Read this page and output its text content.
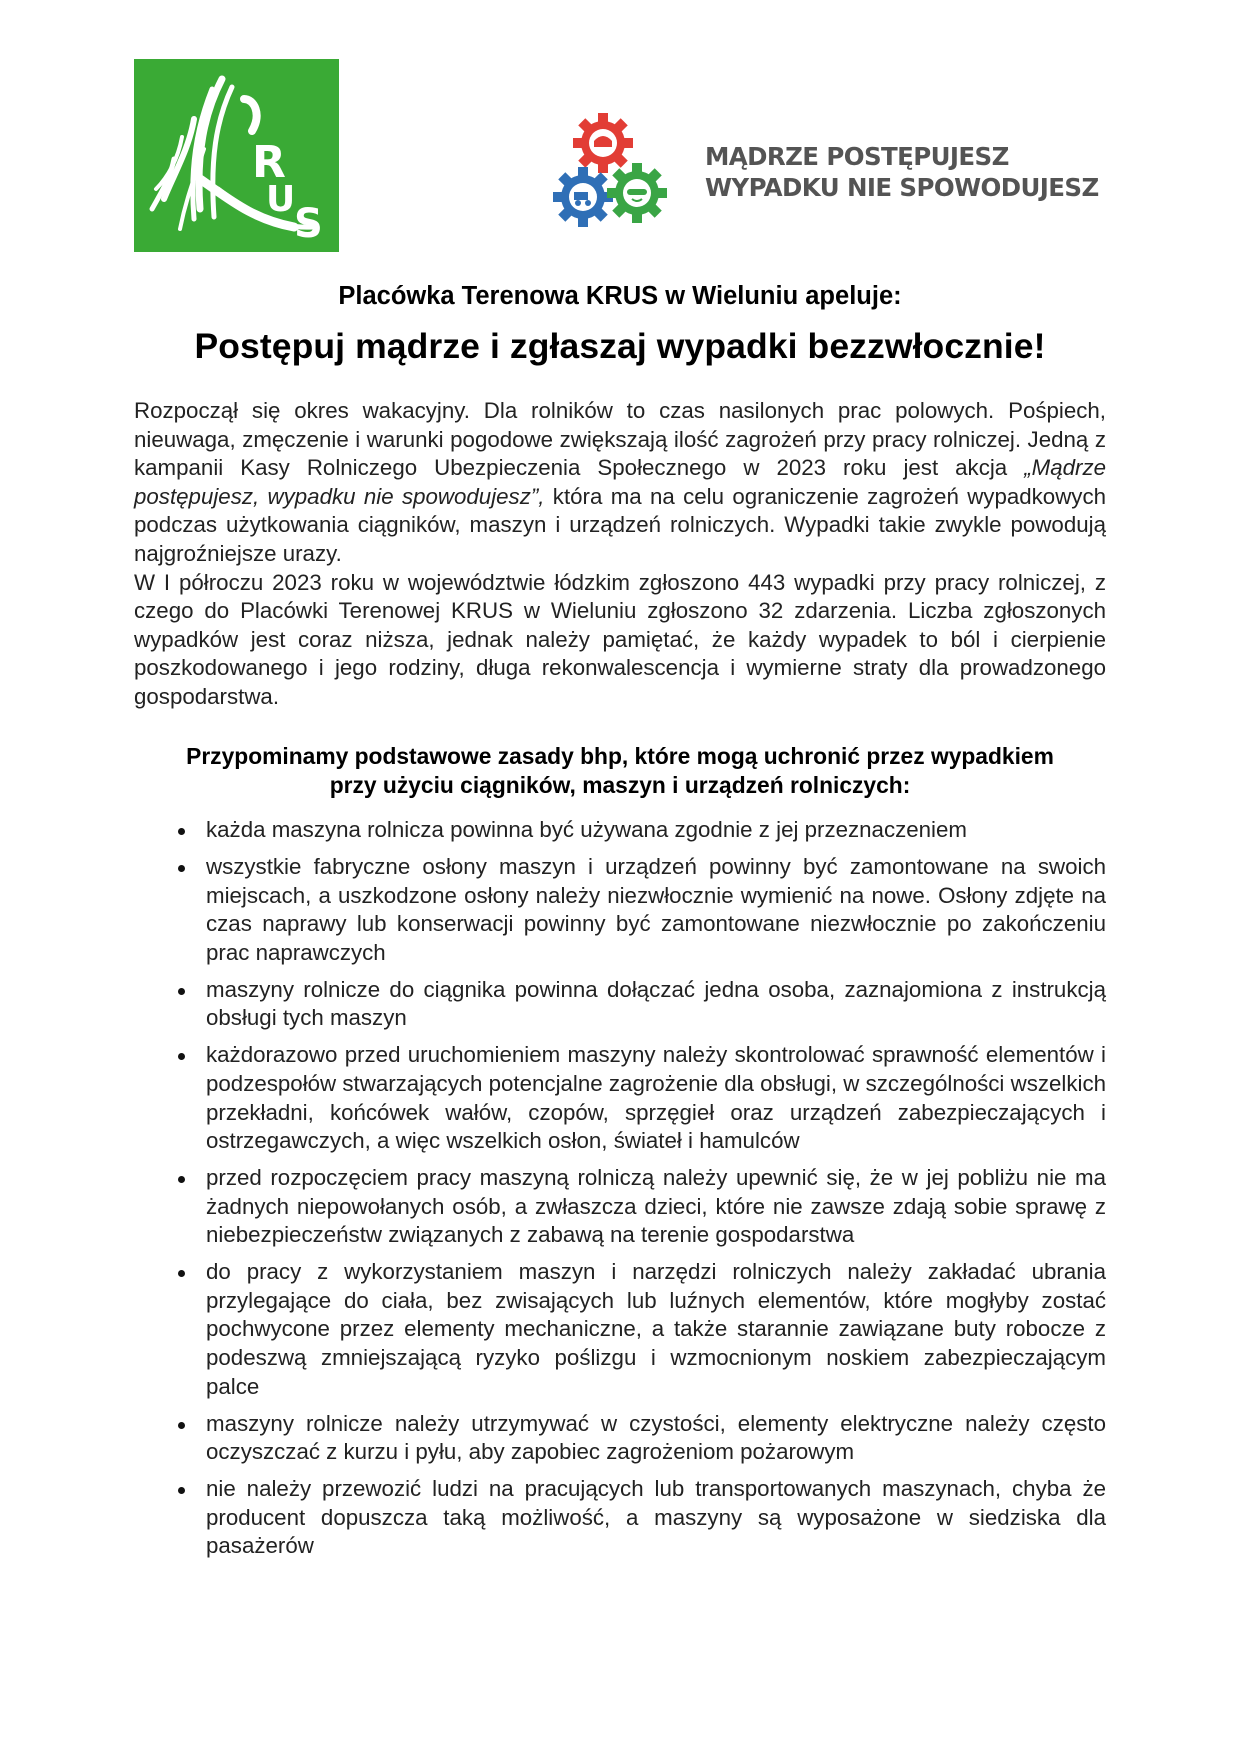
R
U
S
MĄDRZE POSTĘPUJESZ
WYPADKU NIE SPOWODUJESZ
Placówka Terenowa KRUS w Wieluniu apeluje:
Postępuj mądrze i zgłaszaj wypadki bezzwłocznie!

Rozpoczął się okres wakacyjny. Dla rolników to czas nasilonych prac polowych. Pośpiech, nieuwaga, zmęczenie i warunki pogodowe zwiększają ilość zagrożeń przy pracy rolniczej. Jedną z kampanii Kasy Rolniczego Ubezpieczenia Społecznego w 2023 roku jest akcja „Mądrze postępujesz, wypadku nie spowodujesz”, która ma na celu ograniczenie zagrożeń wypadkowych podczas użytkowania ciągników, maszyn i urządzeń rolniczych. Wypadki takie zwykle powodują najgroźniejsze urazy.

W I półroczu 2023 roku w województwie łódzkim zgłoszono 443 wypadki przy pracy rolniczej, z czego do Placówki Terenowej KRUS w Wieluniu zgłoszono 32 zdarzenia. Liczba zgłoszonych wypadków jest coraz niższa, jednak należy pamiętać, że każdy wypadek to ból i cierpienie poszkodowanego i jego rodziny, długa rekonwalescencja i wymierne straty dla prowadzonego gospodarstwa.

Przypominamy podstawowe zasady bhp, które mogą uchronić przez wypadkiem
przy użyciu ciągników, maszyn i urządzeń rolniczych:
każda maszyna rolnicza powinna być używana zgodnie z jej przeznaczeniem
wszystkie fabryczne osłony maszyn i urządzeń powinny być zamontowane na swoich miejscach, a uszkodzone osłony należy niezwłocznie wymienić na nowe. Osłony zdjęte na czas naprawy lub konserwacji powinny być zamontowane niezwłocznie po zakończeniu prac naprawczych
maszyny rolnicze do ciągnika powinna dołączać jedna osoba, zaznajomiona z instrukcją obsługi tych maszyn
każdorazowo przed uruchomieniem maszyny należy skontrolować sprawność elementów i podzespołów stwarzających potencjalne zagrożenie dla obsługi, w szczególności wszelkich przekładni, końcówek wałów, czopów, sprzęgieł oraz urządzeń zabezpieczających i ostrzegawczych, a więc wszelkich osłon, świateł i hamulców
przed rozpoczęciem pracy maszyną rolniczą należy upewnić się, że w jej pobliżu nie ma żadnych niepowołanych osób, a zwłaszcza dzieci, które nie zawsze zdają sobie sprawę z niebezpieczeństw związanych z zabawą na terenie gospodarstwa
do pracy z wykorzystaniem maszyn i narzędzi rolniczych należy zakładać ubrania przylegające do ciała, bez zwisających lub luźnych elementów, które mogłyby zostać pochwycone przez elementy mechaniczne, a także starannie zawiązane buty robocze z podeszwą zmniejszającą ryzyko poślizgu i wzmocnionym noskiem zabezpieczającym palce
maszyny rolnicze należy utrzymywać w czystości, elementy elektryczne należy często oczyszczać z kurzu i pyłu, aby zapobiec zagrożeniom pożarowym
nie należy przewozić ludzi na pracujących lub transportowanych maszynach, chyba że producent dopuszcza taką możliwość, a maszyny są wyposażone w siedziska dla pasażerów
